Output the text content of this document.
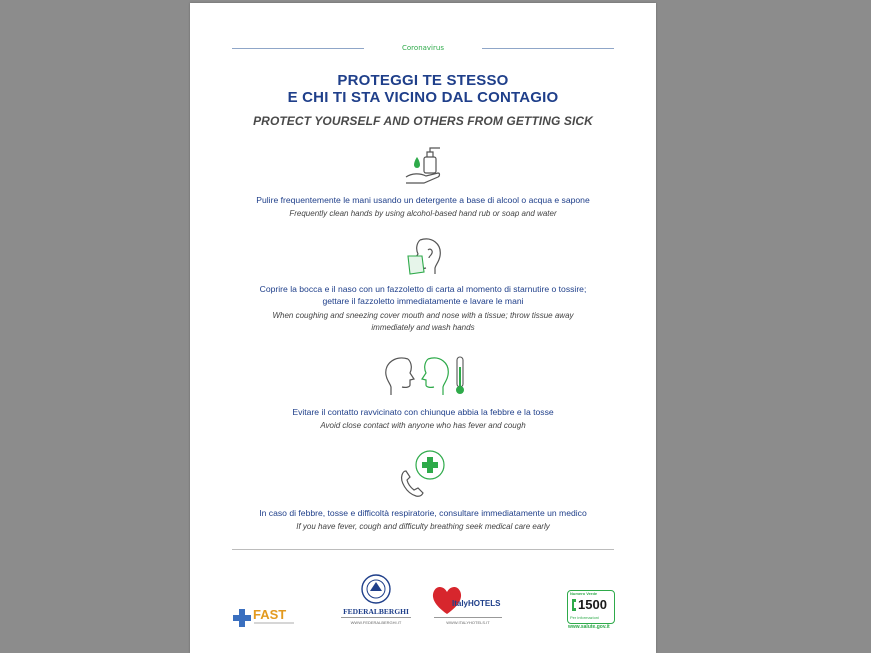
Coronavirus
PROTEGGI TE STESSO
E CHI TI STA VICINO DAL CONTAGIO
PROTECT YOURSELF AND OTHERS FROM GETTING SICK
Pulire frequentemente le mani usando un detergente a base di alcool o acqua e sapone
Frequently clean hands by using alcohol-based hand rub or soap and water
Coprire la bocca e il naso con un fazzoletto di carta al momento di starnutire o tossire;
gettare il fazzoletto immediatamente e lavare le mani
When coughing and sneezing cover mouth and nose with a tissue; throw tissue away
immediately and wash hands
Evitare il contatto ravvicinato con chiunque abbia la febbre e la tosse
Avoid close contact with anyone who has fever and cough
In caso di febbre, tosse e difficoltà respiratorie, consultare immediatamente un medico
If you have fever, cough and difficulty breathing seek medical care early
FAST	FEDERALBERGHI
WWW.FEDERALBERGHI.IT
ItalyHOTELS
WWW.ITALYHOTELS.IT
Numero Verde
1500
Per informazioni
www.salute.gov.it
